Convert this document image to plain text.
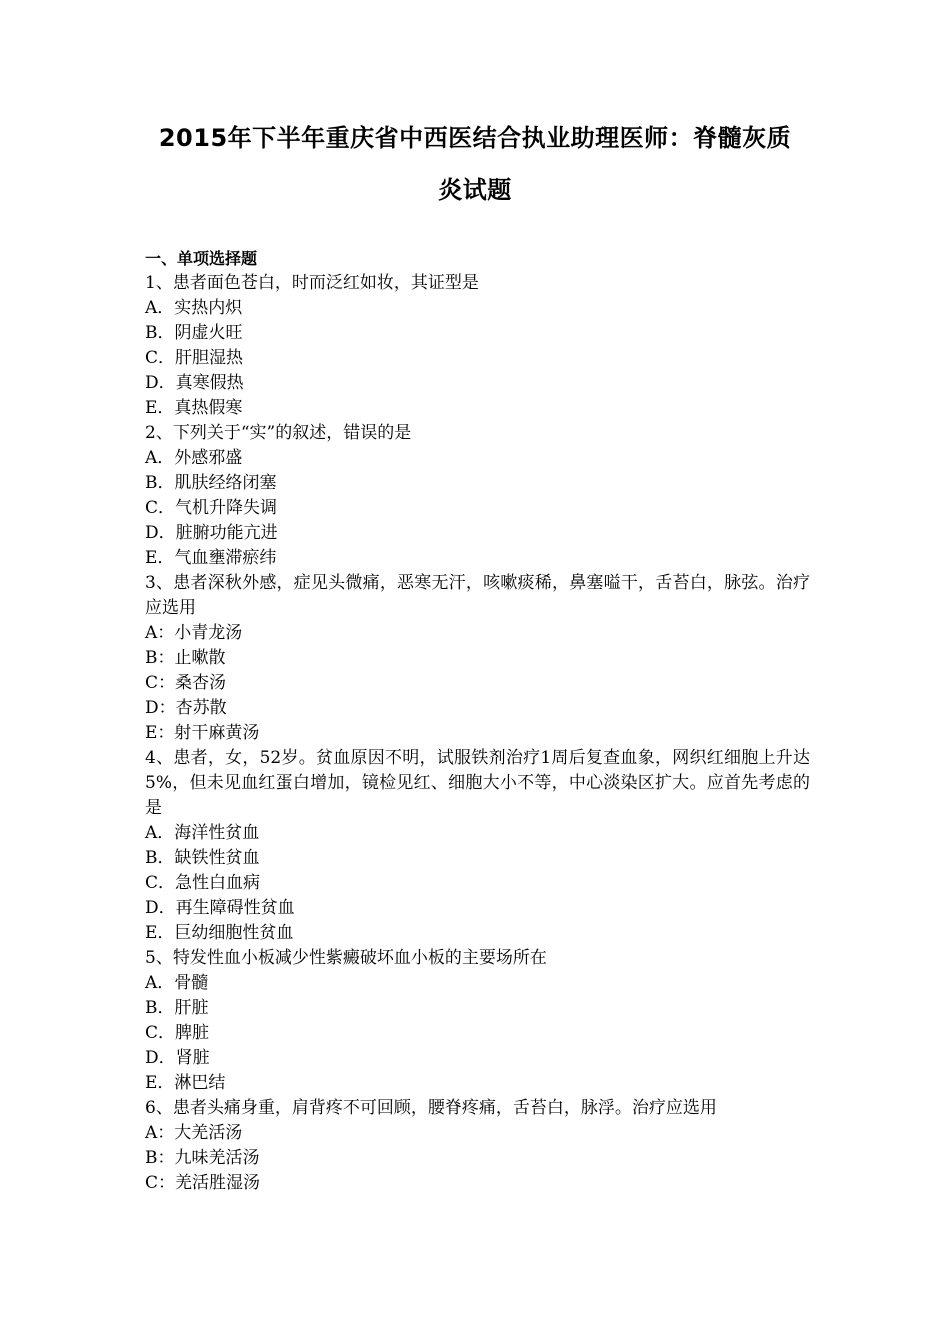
2015年下半年重庆省中西医结合执业助理医师：脊髓灰质
炎试题
一、单项选择题
1、患者面色苍白，时而泛红如妆，其证型是
A．实热内炽
B．阴虚火旺
C．肝胆湿热
D．真寒假热
E．真热假寒
2、下列关于“实”的叙述，错误的是
A．外感邪盛
B．肌肤经络闭塞
C．气机升降失调
D．脏腑功能亢进
E．气血壅滞瘀纬
3、患者深秋外感，症见头微痛，恶寒无汗，咳嗽痰稀，鼻塞嗌干，舌苔白，脉弦。治疗应选用
A：小青龙汤
B：止嗽散
C：桑杏汤
D：杏苏散
E：射干麻黄汤
4、患者，女，52岁。贫血原因不明，试服铁剂治疗1周后复查血象，网织红细胞上升达5%，但未见血红蛋白增加，镜检见红、细胞大小不等，中心淡染区扩大。应首先考虑的是
A．海洋性贫血
B．缺铁性贫血
C．急性白血病
D．再生障碍性贫血
E．巨幼细胞性贫血
5、特发性血小板减少性紫癜破坏血小板的主要场所在
A．骨髓
B．肝脏
C．脾脏
D．肾脏
E．淋巴结
6、患者头痛身重，肩背疼不可回顾，腰脊疼痛，舌苔白，脉浮。治疗应选用
A：大羌活汤
B：九味羌活汤
C：羌活胜湿汤
